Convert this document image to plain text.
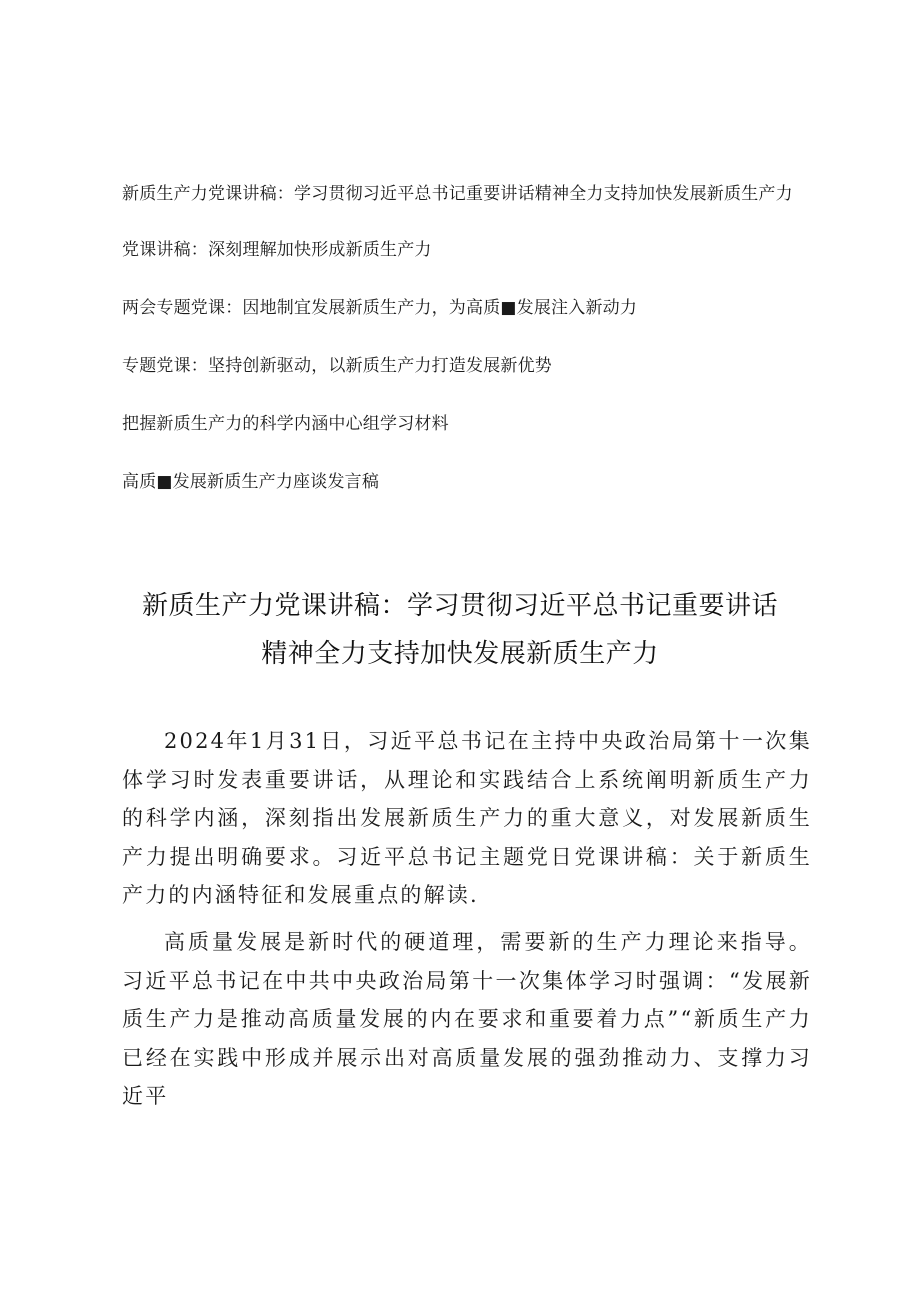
新质生产力党课讲稿：学习贯彻习近平总书记重要讲话精神全力支持加快发展新质生产力
党课讲稿：深刻理解加快形成新质生产力
两会专题党课：因地制宜发展新质生产力，为高质■发展注入新动力
专题党课：坚持创新驱动，以新质生产力打造发展新优势
把握新质生产力的科学内涵中心组学习材料
高质■发展新质生产力座谈发言稿
新质生产力党课讲稿：学习贯彻习近平总书记重要讲话
精神全力支持加快发展新质生产力

2024年1月31日，习近平总书记在主持中央政治局第十一次集体学习时发表重要讲话，从理论和实践结合上系统阐明新质生产力的科学内涵，深刻指出发展新质生产力的重大意义，对发展新质生产力提出明确要求。习近平总书记主题党日党课讲稿：关于新质生产力的内涵特征和发展重点的解读.

高质量发展是新时代的硬道理，需要新的生产力理论来指导。习近平总书记在中共中央政治局第十一次集体学习时强调：“发展新质生产力是推动高质量发展的内在要求和重要着力点”“新质生产力已经在实践中形成并展示出对高质量发展的强劲推动力、支撑力习近平
